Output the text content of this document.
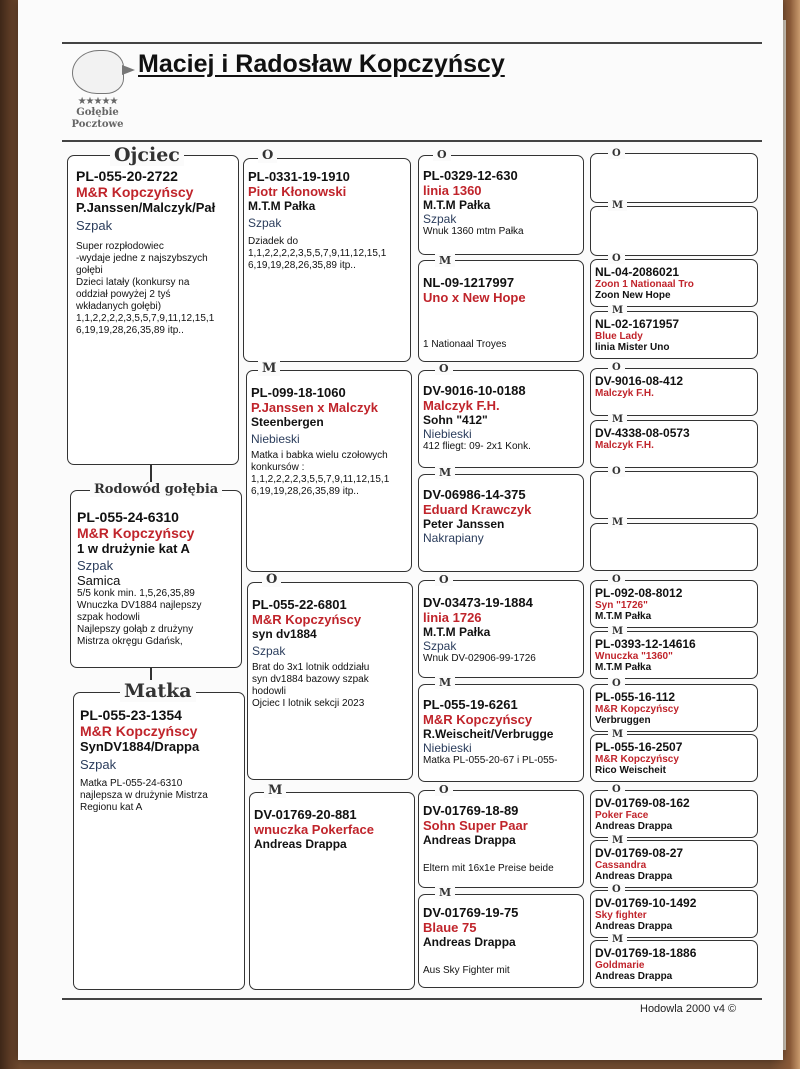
★★★★★
Gołębie
Pocztowe
Maciej i Radosław Kopczyńscy
PL-055-20-2722
M&R Kopczyńscy
P.Janssen/Malczyk/Pał
Szpak
Super rozpłodowiec
-wydaje jedne z najszybszych
gołębi
Dzieci latały (konkursy na
oddział powyżej 2 tyś
wkładanych gołębi)
1,1,2,2,2,2,3,5,5,7,9,11,12,15,1
6,19,19,28,26,35,89 itp..
Ojciec
PL-055-24-6310
M&R Kopczyńscy
1 w drużynie kat A
Szpak
Samica
5/5 konk min. 1,5,26,35,89
Wnuczka DV1884 najlepszy
szpak hodowli
Najlepszy gołąb z drużyny
Mistrza okręgu Gdańsk,
Rodowód gołębia
PL-055-23-1354
M&R Kopczyńscy
SynDV1884/Drappa
Szpak
Matka PL-055-24-6310
najlepsza w drużynie Mistrza
Regionu kat A
Matka
PL-0331-19-1910
Piotr Kłonowski
M.T.M Pałka
Szpak
Dziadek do
1,1,2,2,2,2,3,5,5,7,9,11,12,15,1
6,19,19,28,26,35,89 itp..
O
PL-099-18-1060
P.Janssen x Malczyk
Steenbergen
Niebieski
Matka i babka wielu czołowych
konkursów :
1,1,2,2,2,2,3,5,5,7,9,11,12,15,1
6,19,19,28,26,35,89 itp..
M
PL-055-22-6801
M&R Kopczyńscy
syn dv1884
Szpak
Brat do 3x1 lotnik oddziału
syn dv1884 bazowy szpak
hodowli
Ojciec I lotnik sekcji 2023
O
DV-01769-20-881
wnuczka Pokerface
Andreas Drappa
M
PL-0329-12-630
linia 1360
M.T.M Pałka
Szpak
Wnuk 1360 mtm Pałka
O
NL-09-1217997
Uno x New Hope
1 Nationaal Troyes
M
DV-9016-10-0188
Malczyk F.H.
Sohn "412"
Niebieski
412 fliegt: 09- 2x1 Konk.
O
DV-06986-14-375
Eduard Krawczyk
Peter Janssen
Nakrapiany
M
DV-03473-19-1884
linia 1726
M.T.M Pałka
Szpak
Wnuk DV-02906-99-1726
O
PL-055-19-6261
M&R Kopczyńscy
R.Weischeit/Verbrugge
Niebieski
Matka PL-055-20-67 i PL-055-
M
DV-01769-18-89
Sohn Super Paar
Andreas Drappa
Eltern mit 16x1e Preise beide
O
DV-01769-19-75
Blaue 75
Andreas Drappa
Aus Sky Fighter mit
M
O
M
NL-04-2086021
Zoon 1 Nationaal Tro
Zoon New Hope
O
NL-02-1671957
Blue Lady
linia Mister Uno
M
DV-9016-08-412
Malczyk F.H.
O
DV-4338-08-0573
Malczyk F.H.
M
O
M
PL-092-08-8012
Syn "1726"
M.T.M Pałka
O
PL-0393-12-14616
Wnuczka "1360"
M.T.M Pałka
M
PL-055-16-112
M&R Kopczyńscy
Verbruggen
O
PL-055-16-2507
M&R Kopczyńscy
Rico Weischeit
M
DV-01769-08-162
Poker Face
Andreas Drappa
O
DV-01769-08-27
Cassandra
Andreas Drappa
M
DV-01769-10-1492
Sky fighter
Andreas Drappa
O
DV-01769-18-1886
Goldmarie
Andreas Drappa
M
Hodowla 2000 v4 ©
